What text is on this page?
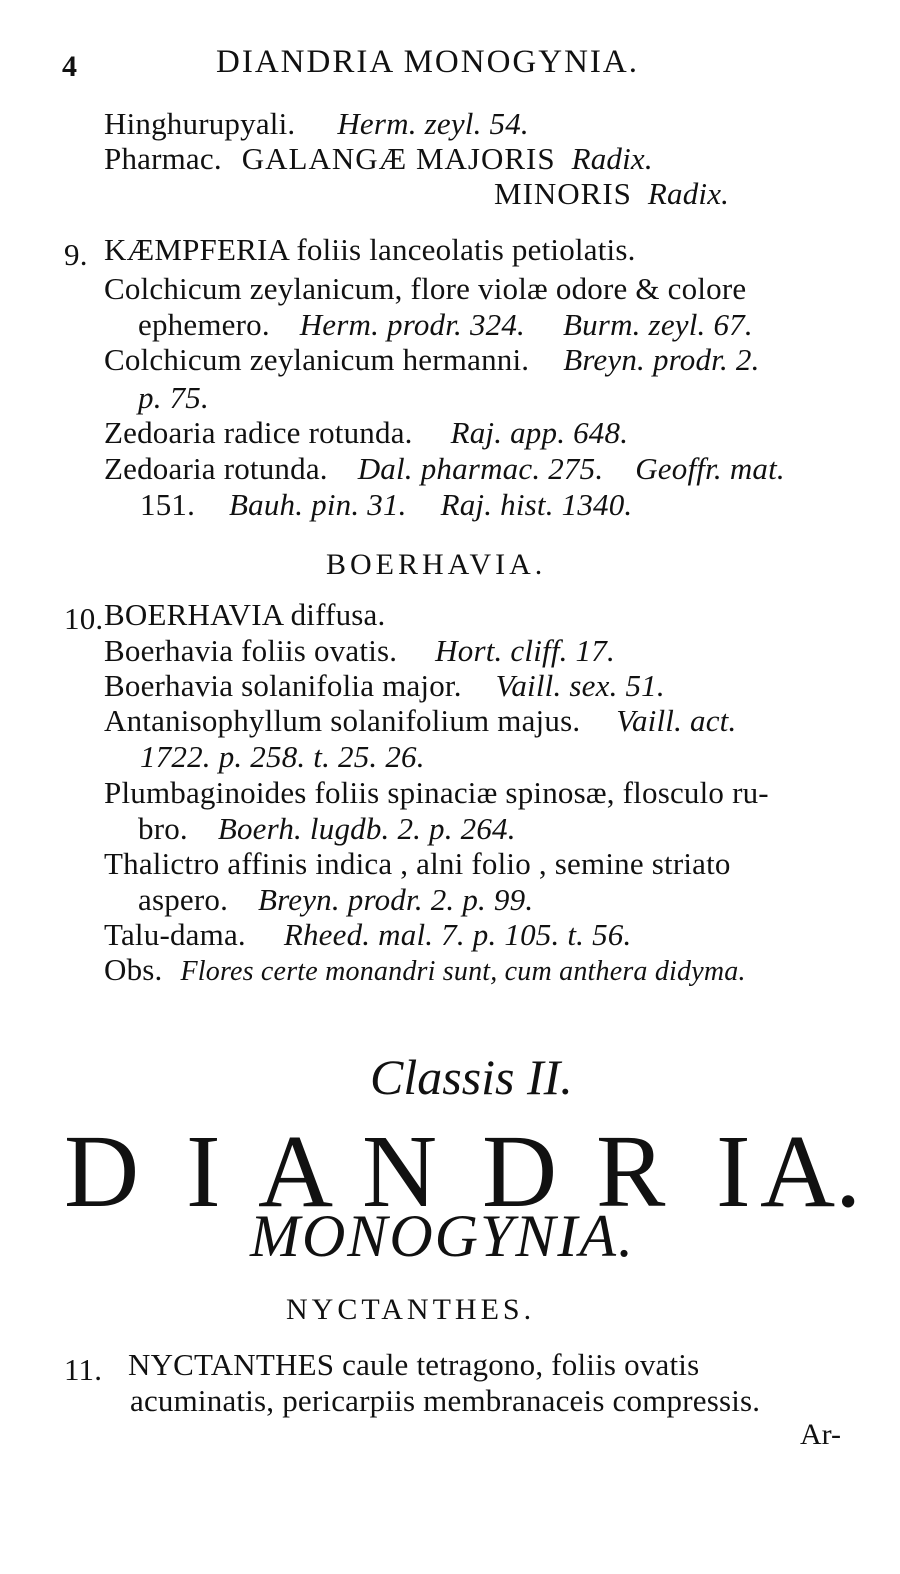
4	DIANDRIA MONOGYNIA.
Hinghurupyali. Herm. zeyl. 54.
Pharmac. GALANGÆ MAJORIS Radix.
MINORIS Radix.
9. KÆMPFERIA foliis lanceolatis petiolatis.
Colchicum zeylanicum, flore violæ odore & colore
ephemero. Herm. prodr. 324. Burm. zeyl. 67.
Colchicum zeylanicum hermanni. Breyn. prodr. 2.
p. 75.
Zedoaria radice rotunda. Raj. app. 648.
Zedoaria rotunda. Dal. pharmac. 275. Geoffr. mat.
151. Bauh. pin. 31. Raj. hist. 1340.
BOERHAVIA.
10. BOERHAVIA diffusa.
Boerhavia foliis ovatis. Hort. cliff. 17.
Boerhavia solanifolia major. Vaill. sex. 51.
Antanisophyllum solanifolium majus. Vaill. act.
1722. p. 258. t. 25. 26.
Plumbaginoides foliis spinaciæ spinosæ, flosculo ru-
bro. Boerh. lugdb. 2. p. 264.
Thalictro affinis indica , alni folio , semine striato
aspero. Breyn. prodr. 2. p. 99.
Talu-dama. Rheed. mal. 7. p. 105. t. 56.
Obs. Flores certe monandri sunt, cum anthera didyma.
Classis II.
D I A N D R I A.
MONOGYNIA.
NYCTANTHES.
11. NYCTANTHES caule tetragono, foliis ovatis
acuminatis, pericarpiis membranaceis compressis.
Ar-
